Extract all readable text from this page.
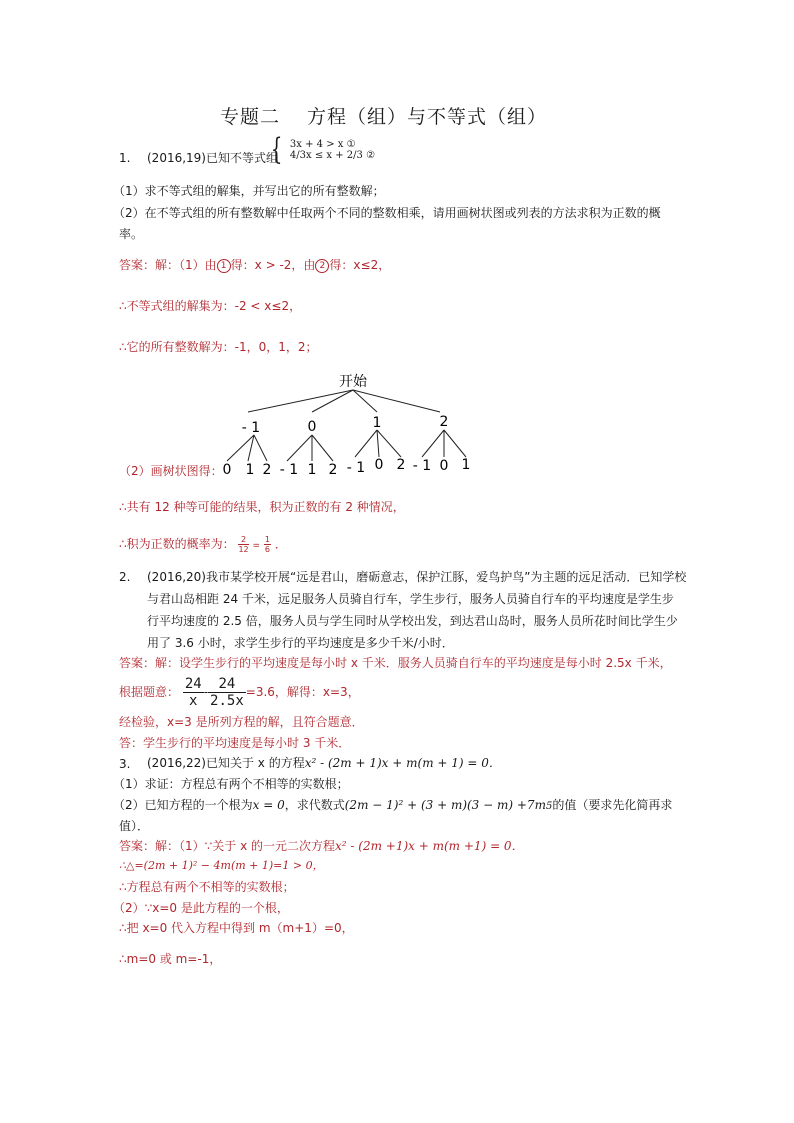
专题二 　方程（组）与不等式（组）
1. (2016,19)已知不等式组
{ 3x + 4 > x ①
4/3x ≤ x + 2/3 ②
（1）求不等式组的解集，并写出它的所有整数解；
（2）在不等式组的所有整数解中任取两个不同的整数相乘，请用画树状图或列表的方法求积为正数的概
率。
答案：解：（1）由 1 得：x > -2，由 2 得：x≤2，
∴不等式组的解集为：-2 < x≤2，
∴它的所有整数解为：-1，0，1，2；
开始
- 1	0	1	2
0 1 2 - 1 1 2 - 1 0 2 - 1 0 1
（2）画树状图得：
∴共有 12 种等可能的结果，积为正数的有 2 种情况，
∴积为正数的概率为： $\frac{2}{12} = \frac{1}{6}$ ．
2. (2016,20)我市某学校开展“远是君山，磨砺意志，保护江豚，爱鸟护鸟”为主题的远足活动．已知学校
与君山岛相距 24 千米，远足服务人员骑自行车，学生步行，服务人员骑自行车的平均速度是学生步
行平均速度的 2.5 倍，服务人员与学生同时从学校出发，到达君山岛时，服务人员所花时间比学生少
用了 3.6 小时，求学生步行的平均速度是多少千米/小时．
答案：解：设学生步行的平均速度是每小时 x 千米．服务人员骑自行车的平均速度是每小时 2.5x 千米，
根据题意： $\frac{24}{x} - \frac{24}{2.5x} =3.6$，解得：x=3，
经检验，x=3 是所列方程的解，且符合题意．
答：学生步行的平均速度是每小时 3 千米．
3. (2016,22)已知关于 x 的方程x² - (2m + 1)x + m(m + 1) = 0．
（1）求证：方程总有两个不相等的实数根；
（2）已知方程的一个根为x = 0，求代数式(2m − 1)² + (3 + m)(3 − m) +7m5的值（要求先化简再求
值）．
答案：解：（1）∵关于 x 的一元二次方程x² - (2m +1)x + m(m +1) = 0．
∴△=(2m + 1)² − 4m(m + 1)=1 > 0，
∴方程总有两个不相等的实数根；
（2）∵x=0 是此方程的一个根，
∴把 x=0 代入方程中得到 m（m+1）=0，
∴m=0 或 m=-1，
